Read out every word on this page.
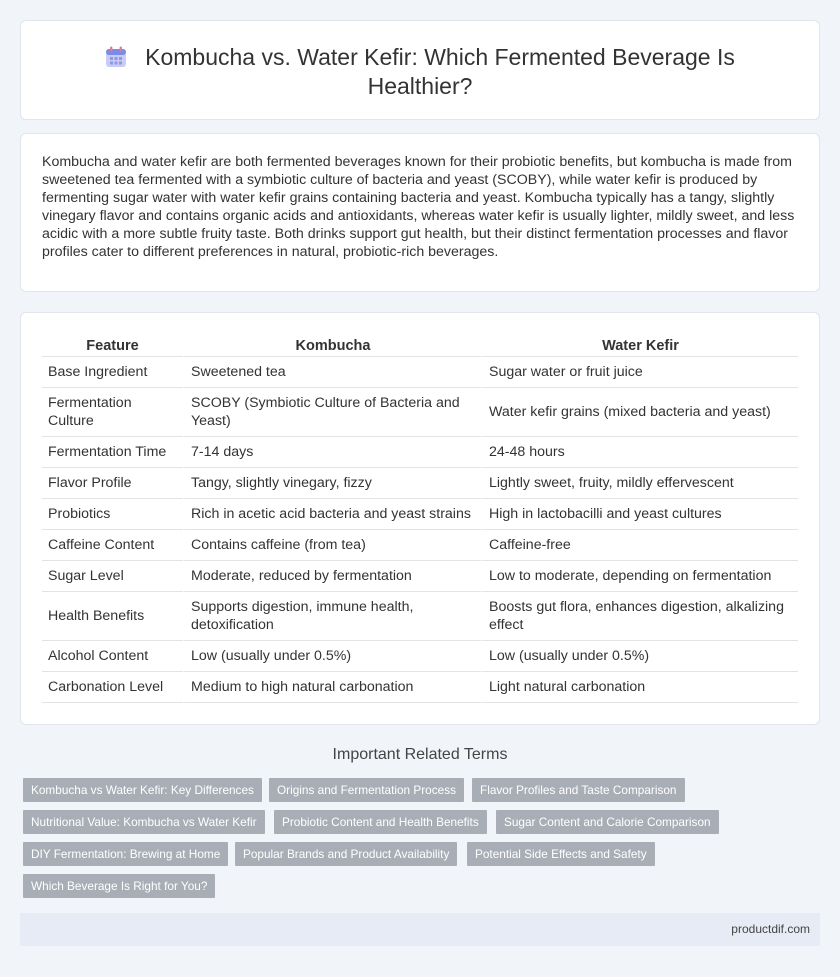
Kombucha vs. Water Kefir: Which Fermented Beverage Is Healthier?

Kombucha and water kefir are both fermented beverages known for their probiotic benefits, but kombucha is made from sweetened tea fermented with a symbiotic culture of bacteria and yeast (SCOBY), while water kefir is produced by fermenting sugar water with water kefir grains containing bacteria and yeast. Kombucha typically has a tangy, slightly vinegary flavor and contains organic acids and antioxidants, whereas water kefir is usually lighter, mildly sweet, and less acidic with a more subtle fruity taste. Both drinks support gut health, but their distinct fermentation processes and flavor profiles cater to different preferences in natural, probiotic-rich beverages.

Feature	Kombucha	Water Kefir
Base Ingredient	Sweetened tea	Sugar water or fruit juice
Fermentation Culture	SCOBY (Symbiotic Culture of Bacteria and Yeast)	Water kefir grains (mixed bacteria and yeast)
Fermentation Time	7-14 days	24-48 hours
Flavor Profile	Tangy, slightly vinegary, fizzy	Lightly sweet, fruity, mildly effervescent
Probiotics	Rich in acetic acid bacteria and yeast strains	High in lactobacilli and yeast cultures
Caffeine Content	Contains caffeine (from tea)	Caffeine-free
Sugar Level	Moderate, reduced by fermentation	Low to moderate, depending on fermentation
Health Benefits	Supports digestion, immune health, detoxification	Boosts gut flora, enhances digestion, alkalizing effect
Alcohol Content	Low (usually under 0.5%)	Low (usually under 0.5%)
Carbonation Level	Medium to high natural carbonation	Light natural carbonation
Important Related Terms
Kombucha vs Water Kefir: Key Differences	Origins and Fermentation Process	Flavor Profiles and Taste Comparison
Nutritional Value: Kombucha vs Water Kefir	Probiotic Content and Health Benefits	Sugar Content and Calorie Comparison
DIY Fermentation: Brewing at Home	Popular Brands and Product Availability	Potential Side Effects and Safety
Which Beverage Is Right for You?
productdif.com
